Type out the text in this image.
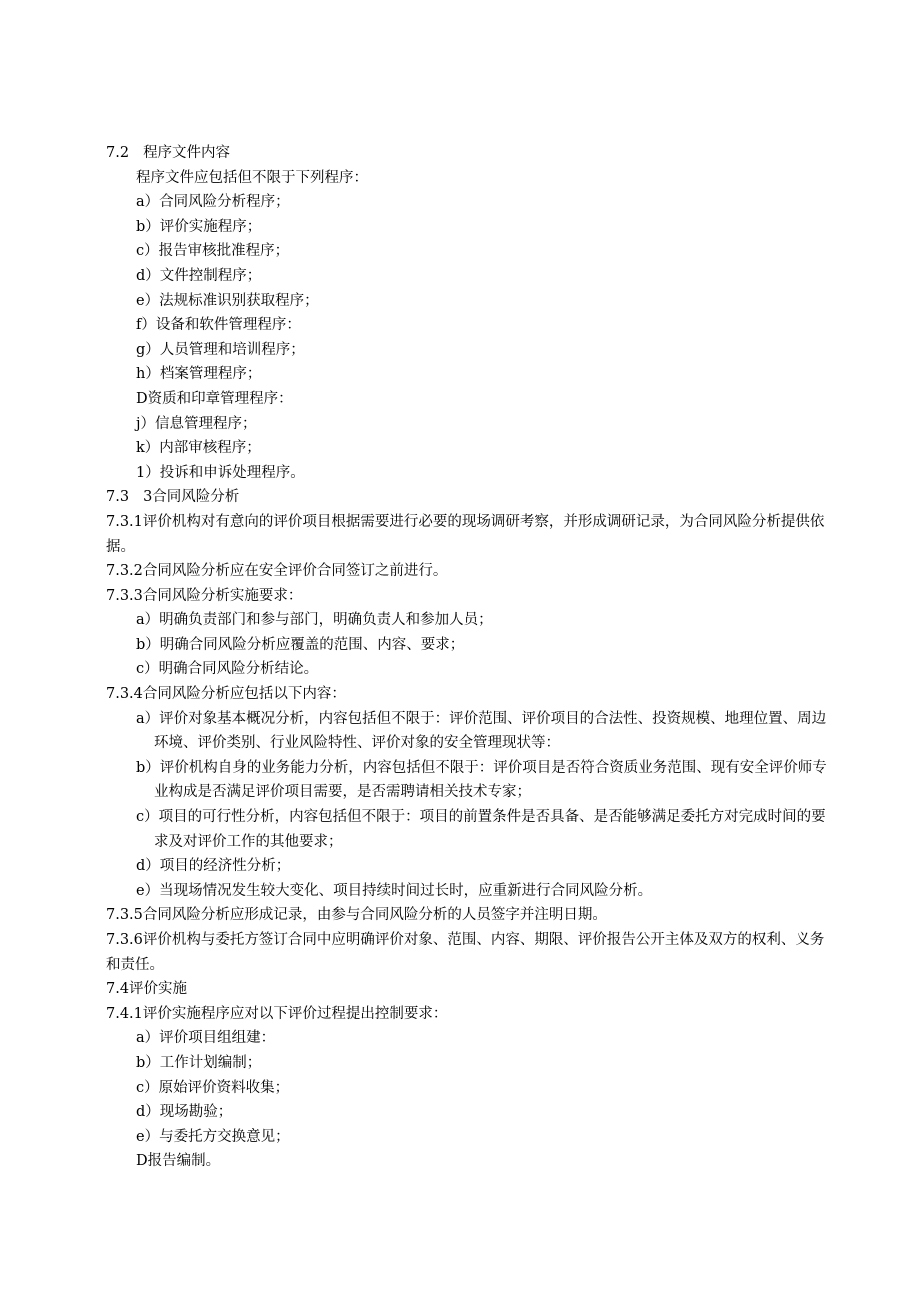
7.2 程序文件内容
程序文件应包括但不限于下列程序：
a）合同风险分析程序；
b）评价实施程序；
c）报告审核批准程序；
d）文件控制程序；
e）法规标准识别获取程序；
f）设备和软件管理程序：
g）人员管理和培训程序；
h）档案管理程序；
D资质和印章管理程序：
j）信息管理程序；
k）内部审核程序；
1）投诉和申诉处理程序。
7.3 3合同风险分析
7.3.1评价机构对有意向的评价项目根据需要进行必要的现场调研考察，并形成调研记录，为合同风险分析提供依据。
7.3.2合同风险分析应在安全评价合同签订之前进行。
7.3.3合同风险分析实施要求：
a）明确负责部门和参与部门，明确负责人和参加人员；
b）明确合同风险分析应覆盖的范围、内容、要求；
c）明确合同风险分析结论。
7.3.4合同风险分析应包括以下内容：
a）评价对象基本概况分析，内容包括但不限于：评价范围、评价项目的合法性、投资规模、地理位置、周边环境、评价类别、行业风险特性、评价对象的安全管理现状等：
b）评价机构自身的业务能力分析，内容包括但不限于：评价项目是否符合资质业务范围、现有安全评价师专业构成是否满足评价项目需要，是否需聘请相关技术专家；
c）项目的可行性分析，内容包括但不限于：项目的前置条件是否具备、是否能够满足委托方对完成时间的要求及对评价工作的其他要求；
d）项目的经济性分析；
e）当现场情况发生较大变化、项目持续时间过长时，应重新进行合同风险分析。
7.3.5合同风险分析应形成记录，由参与合同风险分析的人员签字并注明日期。
7.3.6评价机构与委托方签订合同中应明确评价对象、范围、内容、期限、评价报告公开主体及双方的权利、义务和责任。
7.4评价实施
7.4.1评价实施程序应对以下评价过程提出控制要求：
a）评价项目组组建：
b）工作计划编制；
c）原始评价资料收集；
d）现场勘验；
e）与委托方交换意见；
D报告编制。
